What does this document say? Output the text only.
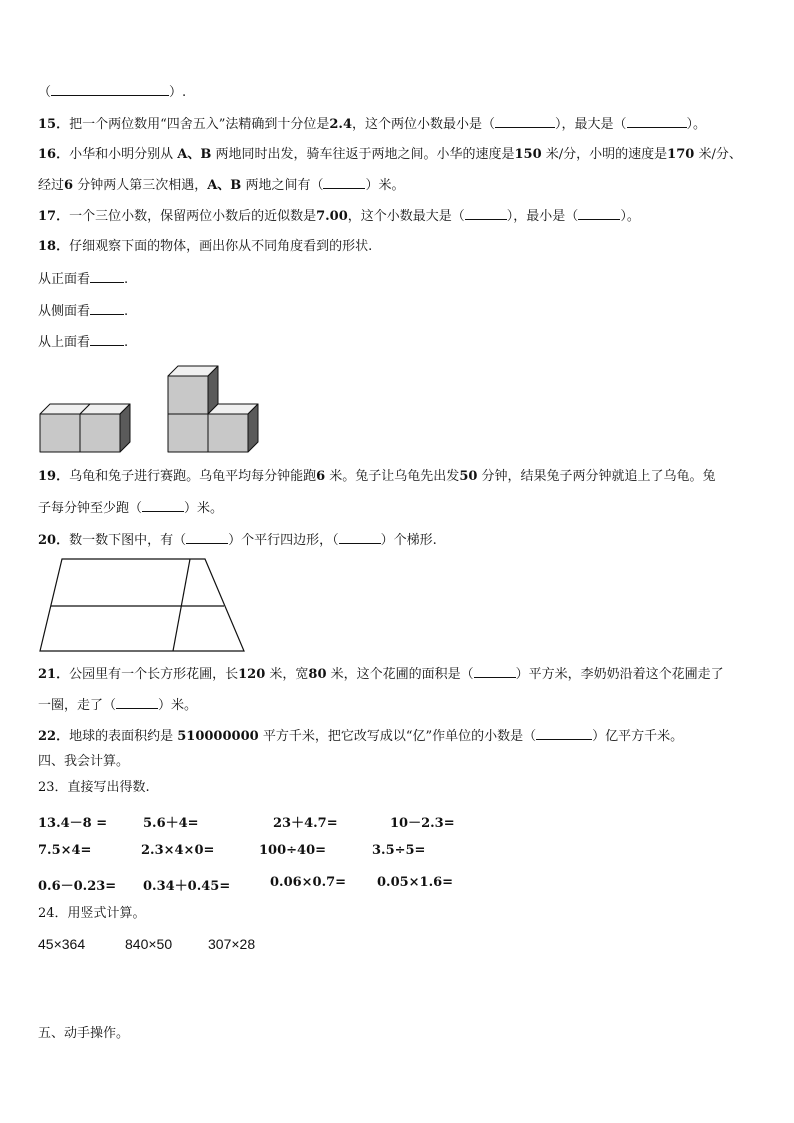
（	）.
15．把一个两位数用“四舍五入”法精确到十分位是2.4，这个两位小数最小是（	），最大是（	）。
16．小华和小明分别从 A、B 两地同时出发，骑车往返于两地之间。小华的速度是150 米/分，小明的速度是170 米/分、
经过6 分钟两人第三次相遇，A、B 两地之间有（	）米。
17．一个三位小数，保留两位小数后的近似数是7.00，这个小数最大是（	），最小是（	）。
18．仔细观察下面的物体，画出你从不同角度看到的形状.
从正面看	.
从侧面看	.
从上面看	.
19．乌龟和兔子进行赛跑。乌龟平均每分钟能跑6 米。兔子让乌龟先出发50 分钟，结果兔子两分钟就追上了乌龟。兔
子每分钟至少跑（	）米。
20．数一数下图中，有（	）个平行四边形，（	）个梯形.
21．公园里有一个长方形花圃，长120 米，宽80 米，这个花圃的面积是（	）平方米，李奶奶沿着这个花圃走了
一圈，走了（	）米。
22．地球的表面积约是 510000000 平方千米，把它改写成以“亿”作单位的小数是（	）亿平方千米。
四、我会计算。
23．直接写出得数.
13.4－8 =	5.6＋4=	23＋4.7=	10－2.3=
7.5×4=	2.3×4×0=	100÷40=	3.5÷5=
0.6－0.23= 0.34＋0.45=	0.06×0.7= 0.05×1.6=
24．用竖式计算。
45×364	840×50	307×28
五、动手操作。
